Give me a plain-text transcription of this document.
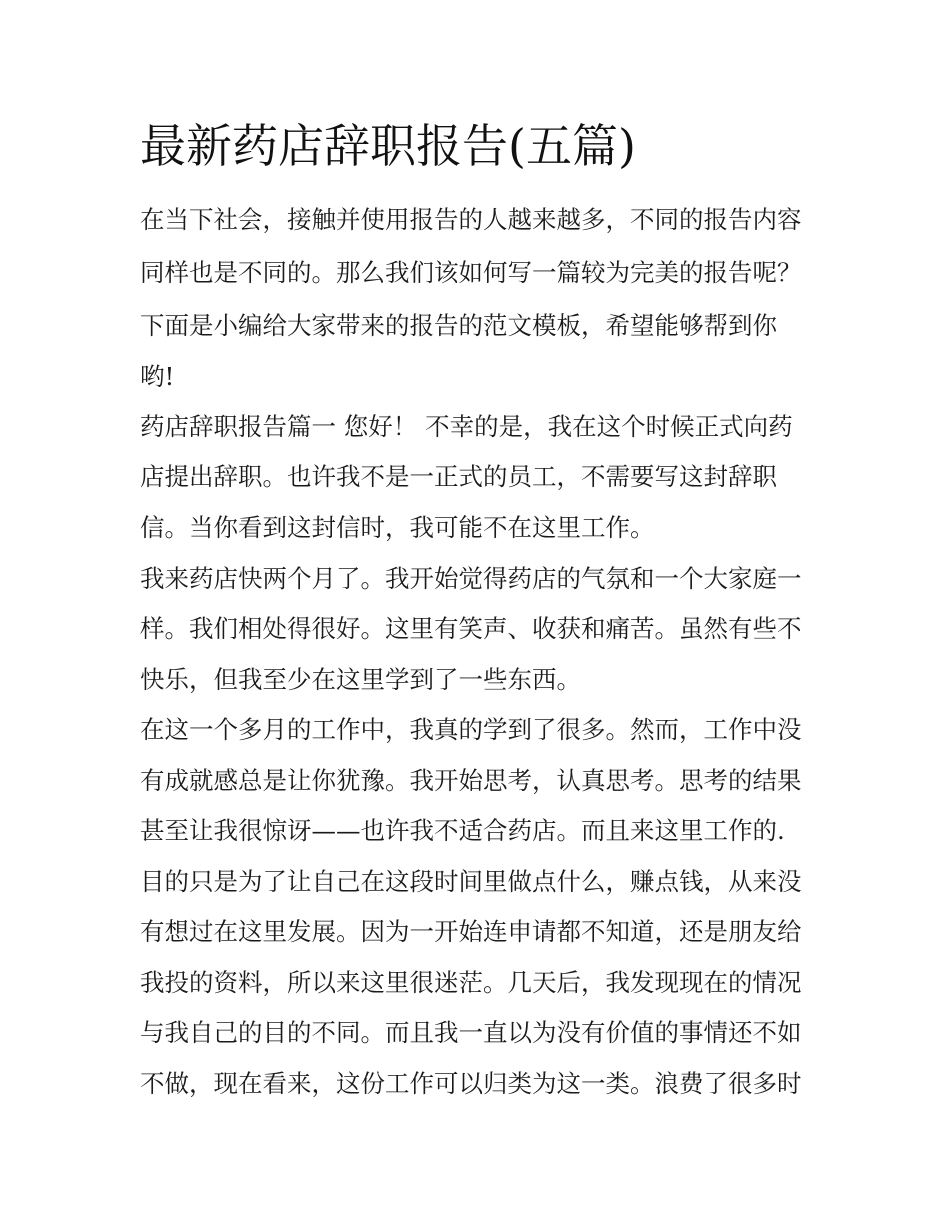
最新药店辞职报告(五篇)

在当下社会，接触并使用报告的人越来越多，不同的报告内容

同样也是不同的。那么我们该如何写一篇较为完美的报告呢？

下面是小编给大家带来的报告的范文模板，希望能够帮到你

哟!

药店辞职报告篇一 您好！ 不幸的是，我在这个时候正式向药

店提出辞职。也许我不是一正式的员工，不需要写这封辞职

信。当你看到这封信时，我可能不在这里工作。

我来药店快两个月了。我开始觉得药店的气氛和一个大家庭一

样。我们相处得很好。这里有笑声、收获和痛苦。虽然有些不

快乐，但我至少在这里学到了一些东西。

在这一个多月的工作中，我真的学到了很多。然而，工作中没

有成就感总是让你犹豫。我开始思考，认真思考。思考的结果

甚至让我很惊讶——也许我不适合药店。而且来这里工作的.

目的只是为了让自己在这段时间里做点什么，赚点钱，从来没

有想过在这里发展。因为一开始连申请都不知道，还是朋友给

我投的资料，所以来这里很迷茫。几天后，我发现现在的情况

与我自己的目的不同。而且我一直以为没有价值的事情还不如

不做，现在看来，这份工作可以归类为这一类。浪费了很多时
